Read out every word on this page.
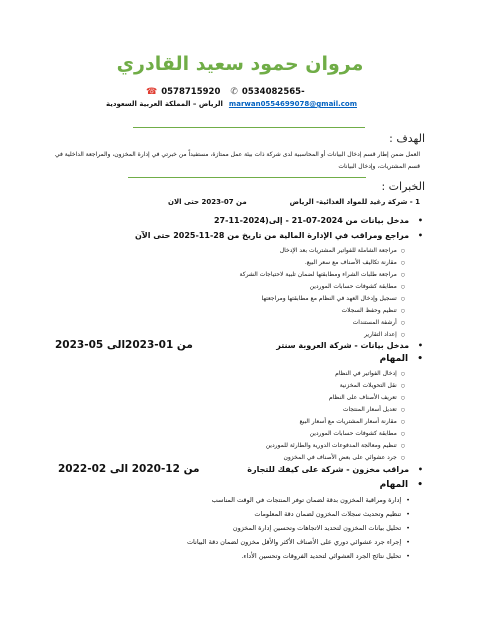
مروان حمود سعيد القادري
☎ 0578715920 ✆ 0534082565-
الرياض – المملكة العربية السعودية marwan0554699078@gmail.com
الهدف :
العمل ضمن إطار قسم إدخال البيانات أو المحاسبية لدى شركة ذات بيئة عمل ممتازة، مستفيداً من خبرتي في إدارة المخزون، والمراجعة الداخلية في قسم المشتريات، وإدخال البيانات
الخبرات :
1 - شركة رغيد للمواد الغذائية- الرياض
من 07-2023 حتى الان
• مدخل بيانات من 2024-07-21 - إلى(2024-11-27
• مراجع ومراقب في الإدارة المالية من تاريخ من 28-11-2025 حتى الآن
○ مراجعة الشاملة للفواتير المشتريات بعد الإدخال
○ مقارنة تكاليف الأصناف مع سعر البيع.
○ مراجعة طلبات الشراء ومطابقتها لضمان تلبية لاحتياجات الشركة
○ مطابقة كشوفات حسابات الموردين
○ تسجيل وإدخال العهد في النظام مع مطابقتها ومراجعتها
○ تنظيم وحفظ السجلات
○ أرشفة المستندات
○ إعداد التقارير
• مدخل بيانات - شركة العروبة سنتر
من 01-2023الى 05-2023
• المهام
○ إدخال الفواتير في النظام
○ نقل التحويلات المخزنية
○ تعريف الأصناف على النظام
○ تعديل أسعار المنتجات
○ مقارنة أسعار المشتريات مع أسعار البيع
○ مطابقة كشوفات حسابات الموردين
○ تنظيم ومعالجة المدفوعات الدورية والطارئة للموردين
○ جرد عشوائي على بعض الأصناف في المخزون
• مراقب مخزون - شركة على كيفك للتجارة
من 12-2020 الى 02-2022
• المهام
• إدارة ومراقبة المخزون بدقة لضمان توفر المنتجات في الوقت المناسب
• تنظيم وتحديث سجلات المخزون لضمان دقة المعلومات
• تحليل بيانات المخزون لتحديد الاتجاهات وتحسين إدارة المخزون
• إجراء جرد عشوائي دوري على الأصناف الأكثر والأقل مخزون لضمان دقة البيانات
• تحليل نتائج الجرد العشوائي لتحديد الفروقات وتحسين الأداء.
